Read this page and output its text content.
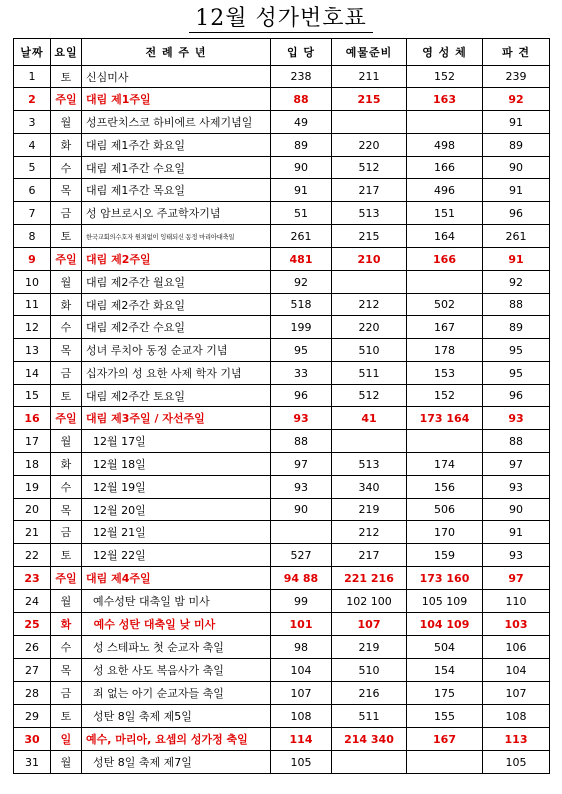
12월 성가번호표
날짜	요일	전 례 주 년	입 당	예물준비	영 성 체	파 견
1	토	신심미사	238	211	152	239
2	주일	대림 제1주일	88	215	163	92
3	월	성프란치스코 하비에르 사제기념일	49			91
4	화	대림 제1주간 화요일	89	220	498	89
5	수	대림 제1주간 수요일	90	512	166	90
6	목	대림 제1주간 목요일	91	217	496	91
7	금	성 암브로시오 주교학자기념	51	513	151	96
8	토	한국교회의수호자 원죄없이 잉태되신 동정 마리아대축일	261	215	164	261
9	주일	대림 제2주일	481	210	166	91
10	월	대림 제2주간 월요일	92			92
11	화	대림 제2주간 화요일	518	212	502	88
12	수	대림 제2주간 수요일	199	220	167	89
13	목	성녀 루치아 동정 순교자 기념	95	510	178	95
14	금	십자가의 성 요한 사제 학자 기념	33	511	153	95
15	토	대림 제2주간 토요일	96	512	152	96
16	주일	대림 제3주일 / 자선주일	93	41	173 164	93
17	월	12월 17일	88			88
18	화	12월 18일	97	513	174	97
19	수	12월 19일	93	340	156	93
20	목	12월 20일	90	219	506	90
21	금	12월 21일		212	170	91
22	토	12월 22일	527	217	159	93
23	주일	대림 제4주일	94 88	221 216	173 160	97
24	월	예수성탄 대축일 밤 미사	99	102 100	105 109	110
25	화	예수 성탄 대축일 낮 미사	101	107	104 109	103
26	수	성 스테파노 첫 순교자 축일	98	219	504	106
27	목	성 요한 사도 복음사가 축일	104	510	154	104
28	금	죄 없는 아기 순교자들 축일	107	216	175	107
29	토	성탄 8일 축제 제5일	108	511	155	108
30	일	예수, 마리아, 요셉의 성가정 축일	114	214 340	167	113
31	월	성탄 8일 축제 제7일	105			105
